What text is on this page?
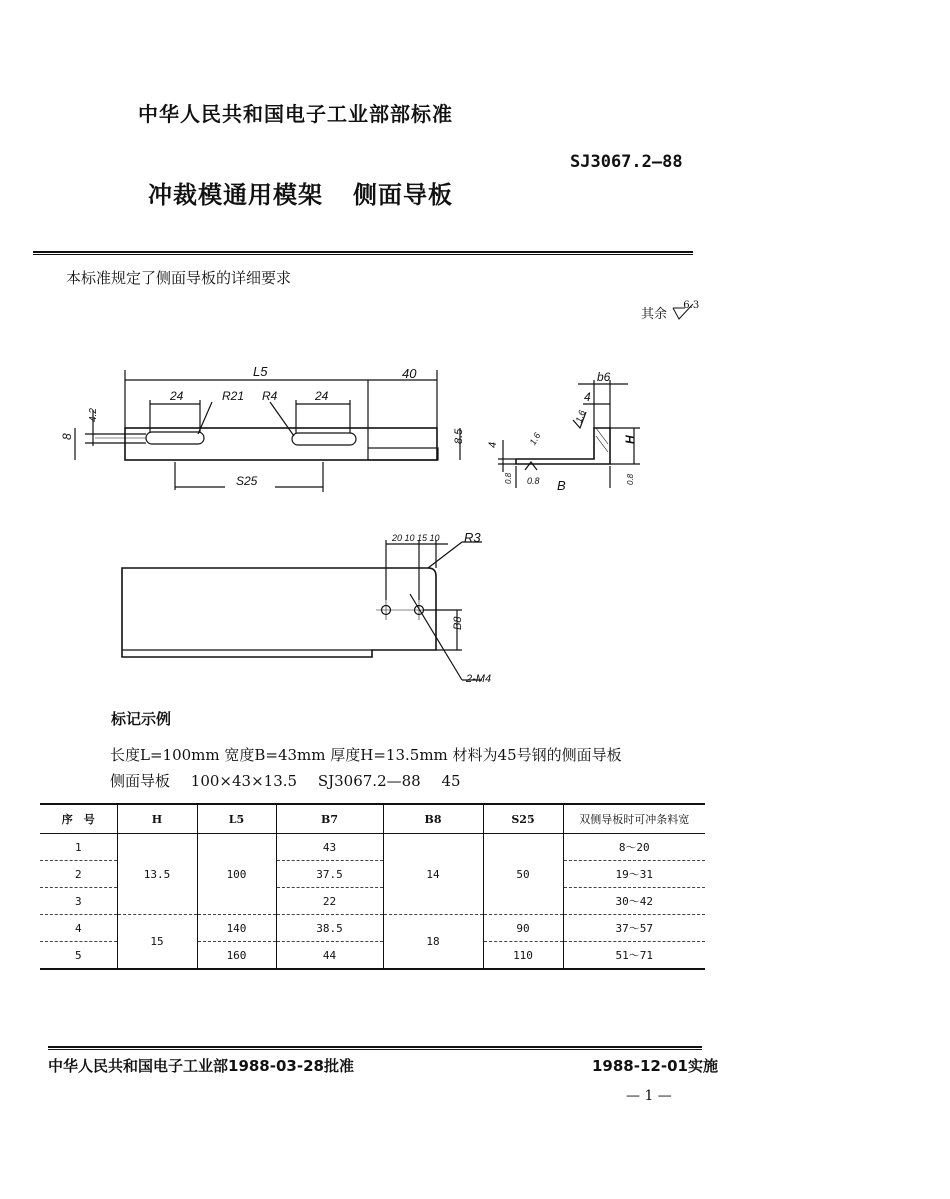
中华人民共和国电子工业部部标准
SJ3067.2—88
冲裁模通用模架 侧面导板
本标准规定了侧面导板的详细要求
其余  $^{6.3}$
L5	40
24	24
R21 R4
8
4.2
8.5
S25
b6
4
1.6
H
4
0.8 0.8 B	0.8
1.6
20 10 15 10 R3
B8
2-M4
标记示例
长度L=100mm 宽度B=43mm 厚度H=13.5mm 材料为45号钢的侧面导板
侧面导板 100×43×13.5 SJ3067.2—88 45
序　号	H	L5	B7	B8	S25	双侧导板时可冲条料宽
1	13.5	100	43	14	50	8～20
2			37.5			19～31
3			22			30～42
4	15	140	38.5	18	90	37～57
5		160	44		110	51～71
中华人民共和国电子工业部1988-03-28批准	1988-12-01实施
— 1 —
